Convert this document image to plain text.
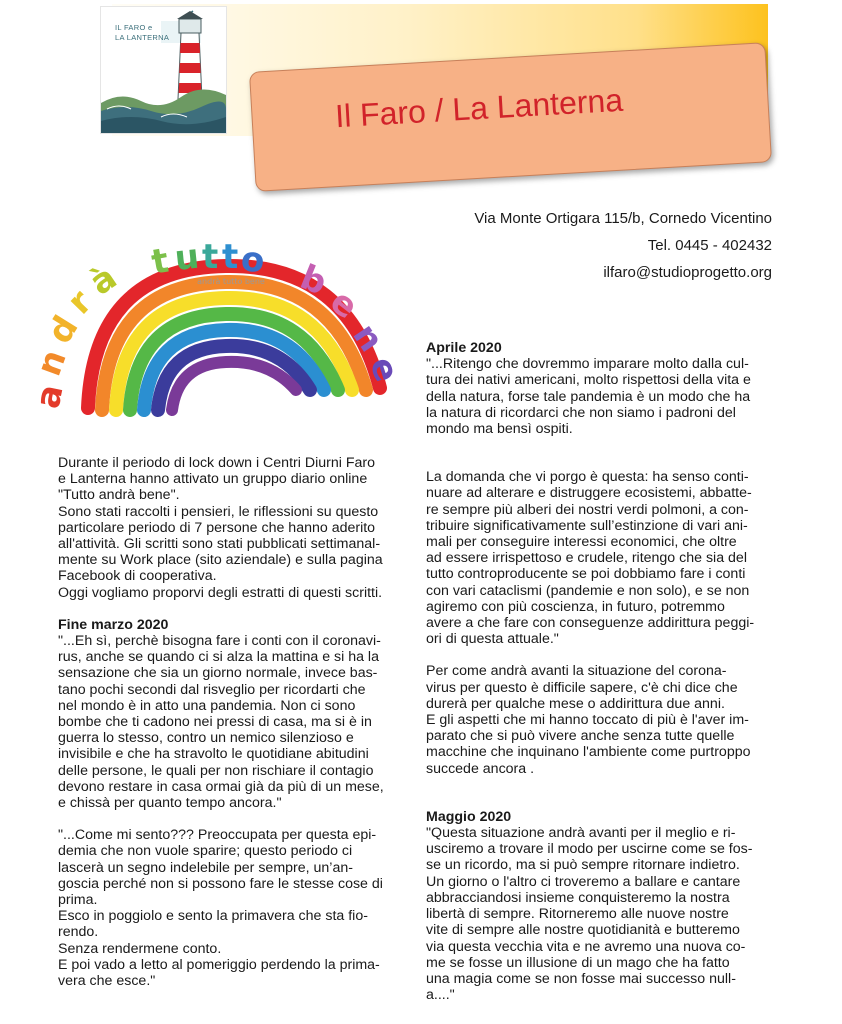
IL FARO e
LA LANTERNA
Il Faro / La Lanterna
Via Monte Ortigara 115/b, Cornedo Vicentino
Tel. 0445 - 402432
ilfaro@studioprogetto.org
andrà tutto bene
a
n
d
r
à t u t t o b
e
n
e

Durante il periodo di lock down i Centri Diurni Faro

e Lanterna hanno attivato un gruppo diario online

"Tutto andrà bene".

Sono stati raccolti i pensieri, le riflessioni su questo

particolare periodo di 7 persone che hanno aderito

all'attività. Gli scritti sono stati pubblicati settimanal-

mente su Work place (sito aziendale) e sulla pagina

Facebook di cooperativa.

Oggi vogliamo proporvi degli estratti di questi scritti.

Fine marzo 2020

"...Eh sì, perchè bisogna fare i conti con il coronavi-

rus, anche se quando ci si alza la mattina e si ha la

sensazione che sia un giorno normale, invece bas-

tano pochi secondi dal risveglio per ricordarti che

nel mondo è in atto una pandemia. Non ci sono

bombe che ti cadono nei pressi di casa, ma si è in

guerra lo stesso, contro un nemico silenzioso e

invisibile e che ha stravolto le quotidiane abitudini

delle persone, le quali per non rischiare il contagio

devono restare in casa ormai già da più di un mese,

e chissà per quanto tempo ancora."

"...Come mi sento??? Preoccupata per questa epi-

demia che non vuole sparire; questo periodo ci

lascerà un segno indelebile per sempre, un’an-

goscia perché non si possono fare le stesse cose di

prima.

Esco in poggiolo e sento la primavera che sta fio-

rendo.

Senza rendermene conto.

E poi vado a letto al pomeriggio perdendo la prima-

vera che esce."

Aprile 2020

"...Ritengo che dovremmo imparare molto dalla cul-

tura dei nativi americani, molto rispettosi della vita e

della natura, forse tale pandemia è un modo che ha

la natura di ricordarci che non siamo i padroni del

mondo ma bensì ospiti.

La domanda che vi porgo è questa: ha senso conti-

nuare ad alterare e distruggere ecosistemi, abbatte-

re sempre più alberi dei nostri verdi polmoni, a con-

tribuire significativamente sull’estinzione di vari ani-

mali per conseguire interessi economici, che oltre

ad essere irrispettoso e crudele, ritengo che sia del

tutto controproducente se poi dobbiamo fare i conti

con vari cataclismi (pandemie e non solo), e se non

agiremo con più coscienza, in futuro, potremmo

avere a che fare con conseguenze addirittura peggi-

ori di questa attuale."

Per come andrà avanti la situazione del corona-

virus per questo è difficile sapere, c'è chi dice che

durerà per qualche mese o addirittura due anni.

E gli aspetti che mi hanno toccato di più è l'aver im-

parato che si può vivere anche senza tutte quelle

macchine che inquinano l'ambiente come purtroppo

succede ancora .

Maggio 2020

"Questa situazione andrà avanti per il meglio e ri-

usciremo a trovare il modo per uscirne come se fos-

se un ricordo, ma si può sempre ritornare indietro.

Un giorno o l'altro ci troveremo a ballare e cantare

abbracciandosi insieme conquisteremo la nostra

libertà di sempre. Ritorneremo alle nuove nostre

vite di sempre alle nostre quotidianità e butteremo

via questa vecchia vita e ne avremo una nuova co-

me se fosse un illusione di un mago che ha fatto

una magia come se non fosse mai successo null-

a...."
